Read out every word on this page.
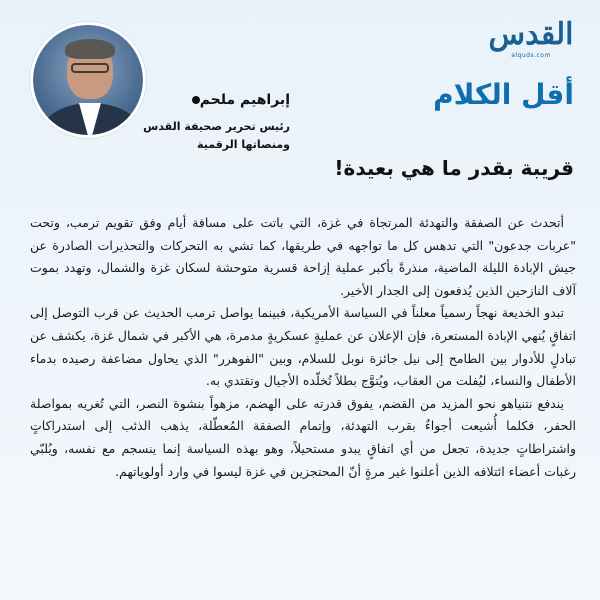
القدس
alquds.com
أقل الكلام
إبراهيم ملحم
رئيس تحرير صحيفة القدس ومنصاتها الرقمية
قريبة بقدر ما هي بعيدة!

أتحدث عن الصفقة والتهدئة المرتجاة في غزة، التي باتت على مسافة أيام وفق تقويم ترمب، وتحت "عربات جدعون" التي تدهس كل ما تواجهه في طريقها، كما تشي به التحركات والتحذيرات الصادرة عن جيش الإبادة الليلة الماضية، منذرةً بأكبر عملية إزاحة قسرية متوحشة لسكان غزة والشمال، وتهدد بموت آلاف النازحين الذين يُدفعون إلى الجدار الأخير.

تبدو الخديعة نهجاً رسمياً معلناً في السياسة الأمريكية، فبينما يواصل ترمب الحديث عن قرب التوصل إلى اتفاقٍ يُنهي الإبادة المستعرة، فإن الإعلان عن عمليةٍ عسكريةٍ مدمرة، هي الأكبر في شمال غزة، يكشف عن تبادلٍ للأدوار بين الطامح إلى نيل جائزة نوبل للسلام، وبين "الفوهرر" الذي يحاول مضاعفة رصيده بدماء الأطفال والنساء، ليُفلت من العقاب، ويُتوَّج بطلاً تُخلّده الأجيال وتقتدي به.

يندفع نتنياهو نحو المزيد من القضم، يفوق قدرته على الهضم، مزهواً بنشوة النصر، التي تُغريه بمواصلة الحفر، فكلما أُشيعت أجواءٌ بقرب التهدئة، وإتمام الصفقة المُعطّلة، يذهب الذئب إلى استدراكاتٍ واشتراطاتٍ جديدة، تجعل من أي اتفاقٍ يبدو مستحيلاً، وهو بهذه السياسة إنما ينسجم مع نفسه، ويُلبّي رغبات أعضاء ائتلافه الذين أعلنوا غير مرةٍ أنّ المحتجزين في غزة ليسوا في وارد أولوياتهم.
